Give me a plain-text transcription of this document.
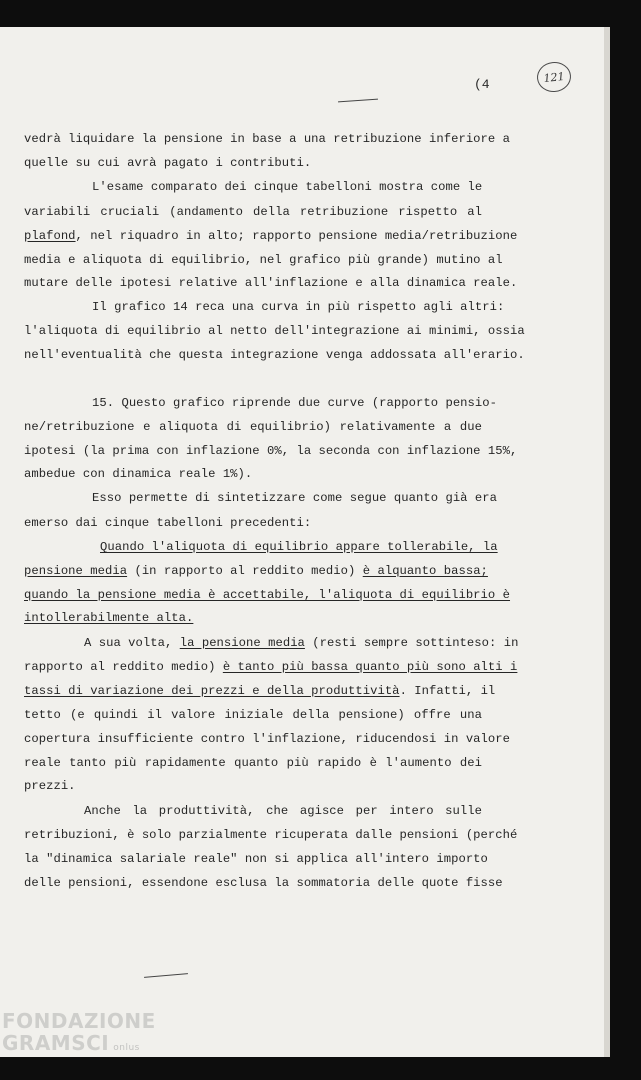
(4	121
vedrà liquidare la pensione in base a una retribuzione inferiore a
quelle su cui avrà pagato i contributi.
L'esame comparato dei cinque tabelloni mostra come le
variabili cruciali (andamento della retribuzione rispetto al
plafond, nel riquadro in alto; rapporto pensione media/retribuzione
media e aliquota di equilibrio, nel grafico più grande) mutino al
mutare delle ipotesi relative all'inflazione e alla dinamica reale.
Il grafico 14 reca una curva in più rispetto agli altri:
l'aliquota di equilibrio al netto dell'integrazione ai minimi, ossia
nell'eventualità che questa integrazione venga addossata all'erario.
15. Questo grafico riprende due curve (rapporto pensio-
ne/retribuzione e aliquota di equilibrio) relativamente a due
ipotesi (la prima con inflazione 0%, la seconda con inflazione 15%,
ambedue con dinamica reale 1%).
Esso permette di sintetizzare come segue quanto già era
emerso dai cinque tabelloni precedenti:
Quando l'aliquota di equilibrio appare tollerabile, la
pensione media (in rapporto al reddito medio) è alquanto bassa;
quando la pensione media è accettabile, l'aliquota di equilibrio è
intollerabilmente alta.
A sua volta, la pensione media (resti sempre sottinteso: in
rapporto al reddito medio) è tanto più bassa quanto più sono alti i
tassi di variazione dei prezzi e della produttività. Infatti, il
tetto (e quindi il valore iniziale della pensione) offre una
copertura insufficiente contro l'inflazione, riducendosi in valore
reale tanto più rapidamente quanto più rapido è l'aumento dei
prezzi.
Anche la produttività, che agisce per intero sulle
retribuzioni, è solo parzialmente ricuperata dalle pensioni (perché
la "dinamica salariale reale" non si applica all'intero importo
delle pensioni, essendone esclusa la sommatoria delle quote fisse
FONDAZIONE
GRAMSCI onlus
